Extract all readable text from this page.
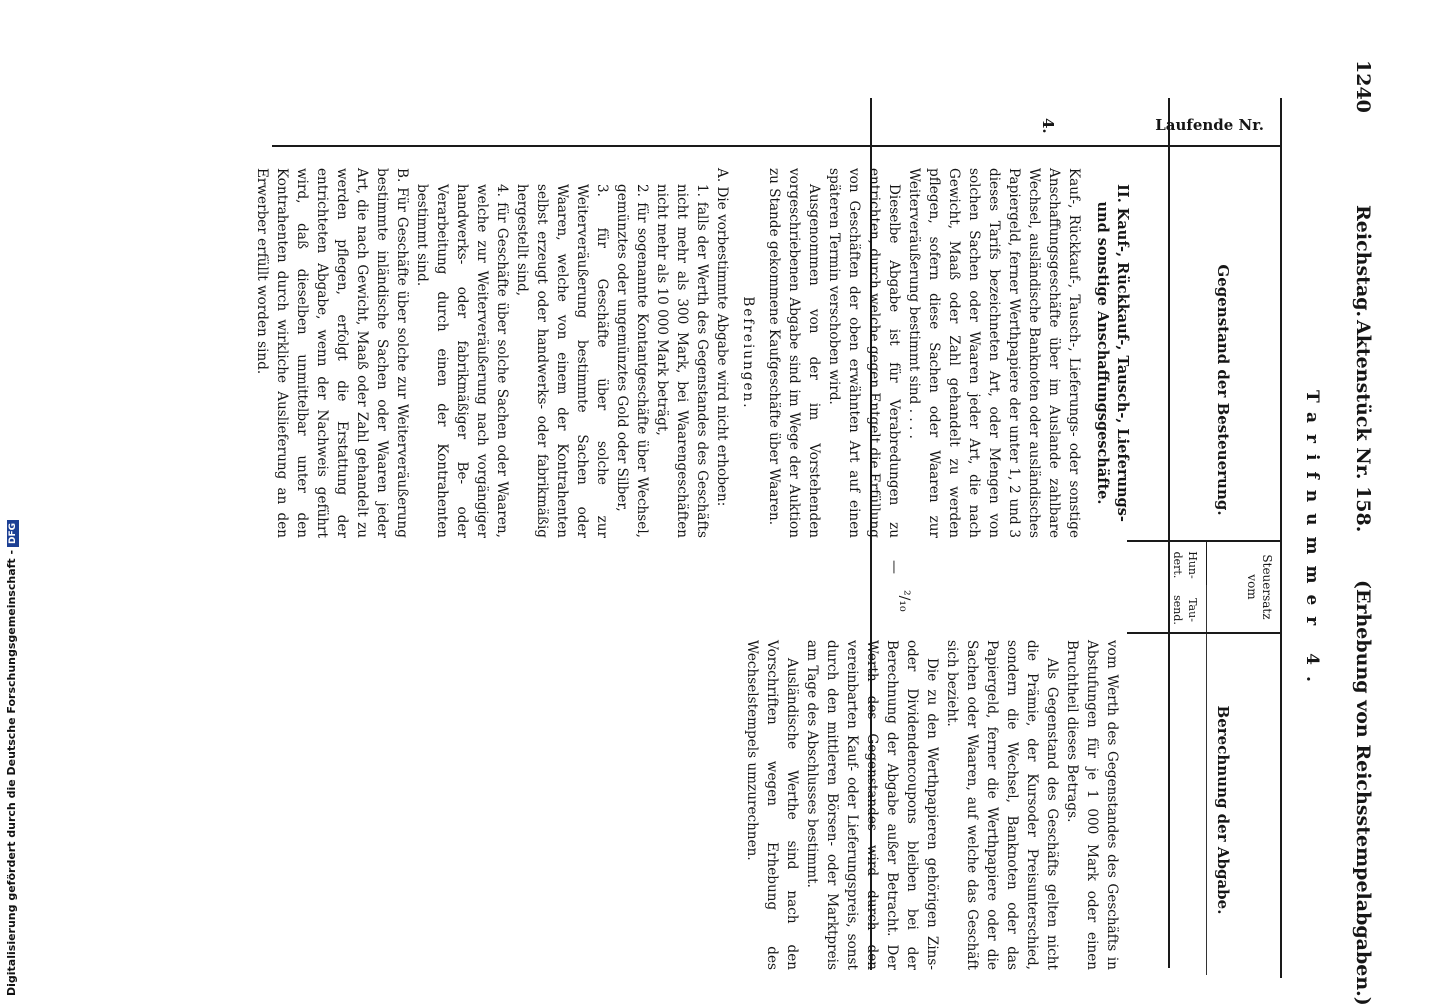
1240
Reichstag.
Aktenstück Nr. 158.
(Erhebung von Reichsstempelabgaben.)
Tarifnummer 4.
Laufende Nr.
Gegenstand der Besteuerung.
Steuersatz vom
Hun-dert.
Tau-send.
Berechnung der Abgabe.
4.
II. Kauf-, Rückkauf-, Tausch-, Lieferungs- und sonstige Anschaffungsgeschäfte.
Kauf-, Rückkauf-, Tausch-, Lieferungs- oder sonstige Anschaffungsgeschäfte über im Auslande zahlbare Wechsel, ausländische Banknoten oder ausländisches Papiergeld, ferner Werthpapiere der unter 1, 2 und 3 dieses Tarifs bezeichneten Art, oder Mengen von solchen Sachen oder Waaren jeder Art, die nach Gewicht, Maaß oder Zahl gehandelt zu werden pflegen, sofern diese Sachen oder Waaren zur Weiterveräußerung bestimmt sind . . . .
Dieselbe Abgabe ist für Verabredungen zu entrichten, durch welche gegen Entgelt die Erfüllung von Geschäften der oben erwähnten Art auf einen späteren Termin verschoben wird.
Ausgenommen von der im Vorstehenden vorgeschriebenen Abgabe sind im Wege der Auktion zu Stande gekommene Kaufgeschäfte über Waaren.
Befreiungen.
A. Die vorbestimmte Abgabe wird nicht erhoben:
1. falls der Werth des Gegenstandes des Geschäfts nicht mehr als 300 Mark, bei Waarengeschäften nicht mehr als 10 000 Mark beträgt,
2. für sogenannte Kontantgeschäfte über Wechsel, gemünztes oder ungemünztes Gold oder Silber,
3. für Geschäfte über solche zur Weiterveräußerung bestimmte Sachen oder Waaren, welche von einem der Kontrahenten selbst erzeugt oder handwerks- oder fabrikmäßig hergestellt sind,
4. für Geschäfte über solche Sachen oder Waaren, welche zur Weiterveräußerung nach vorgängiger handwerks- oder fabrikmäßiger Be- oder Verarbeitung durch einen der Kontrahenten bestimmt sind.
B. Für Geschäfte über solche zur Weiterveräußerung bestimmte inländische Sachen oder Waaren jeder Art, die nach Gewicht, Maaß oder Zahl gehandelt zu werden pflegen, erfolgt die Erstattung der entrichteten Abgabe, wenn der Nachweis geführt wird, daß dieselben unmittelbar unter den Kontrahenten durch wirkliche Auslieferung an den Erwerber erfüllt worden sind.
—
²/₁₀
vom Werth des Gegenstandes des Geschäfts in Abstufungen für je 1 000 Mark oder einen Bruchtheil dieses Betrags.
Als Gegenstand des Geschäfts gelten nicht die Prämie, der Kursoder Preisunterschied, sondern die Wechsel, Banknoten oder das Papiergeld, ferner die Werthpapiere oder die Sachen oder Waaren, auf welche das Geschäft sich bezieht.
Die zu den Werthpapieren gehörigen Zins- oder Dividendencoupons bleiben bei der Berechnung der Abgabe außer Betracht. Der Werth des Gegenstandes wird durch den vereinbarten Kauf- oder Lieferungspreis, sonst durch den mittleren Börsen- oder Marktpreis am Tage des Abschlusses bestimmt.
Ausländische Werthe sind nach den Vorschriften wegen Erhebung des Wechselstempels umzurechnen.
Digitalisierung gefördert durch die Deutsche Forschungsgemeinschaft -DFG
